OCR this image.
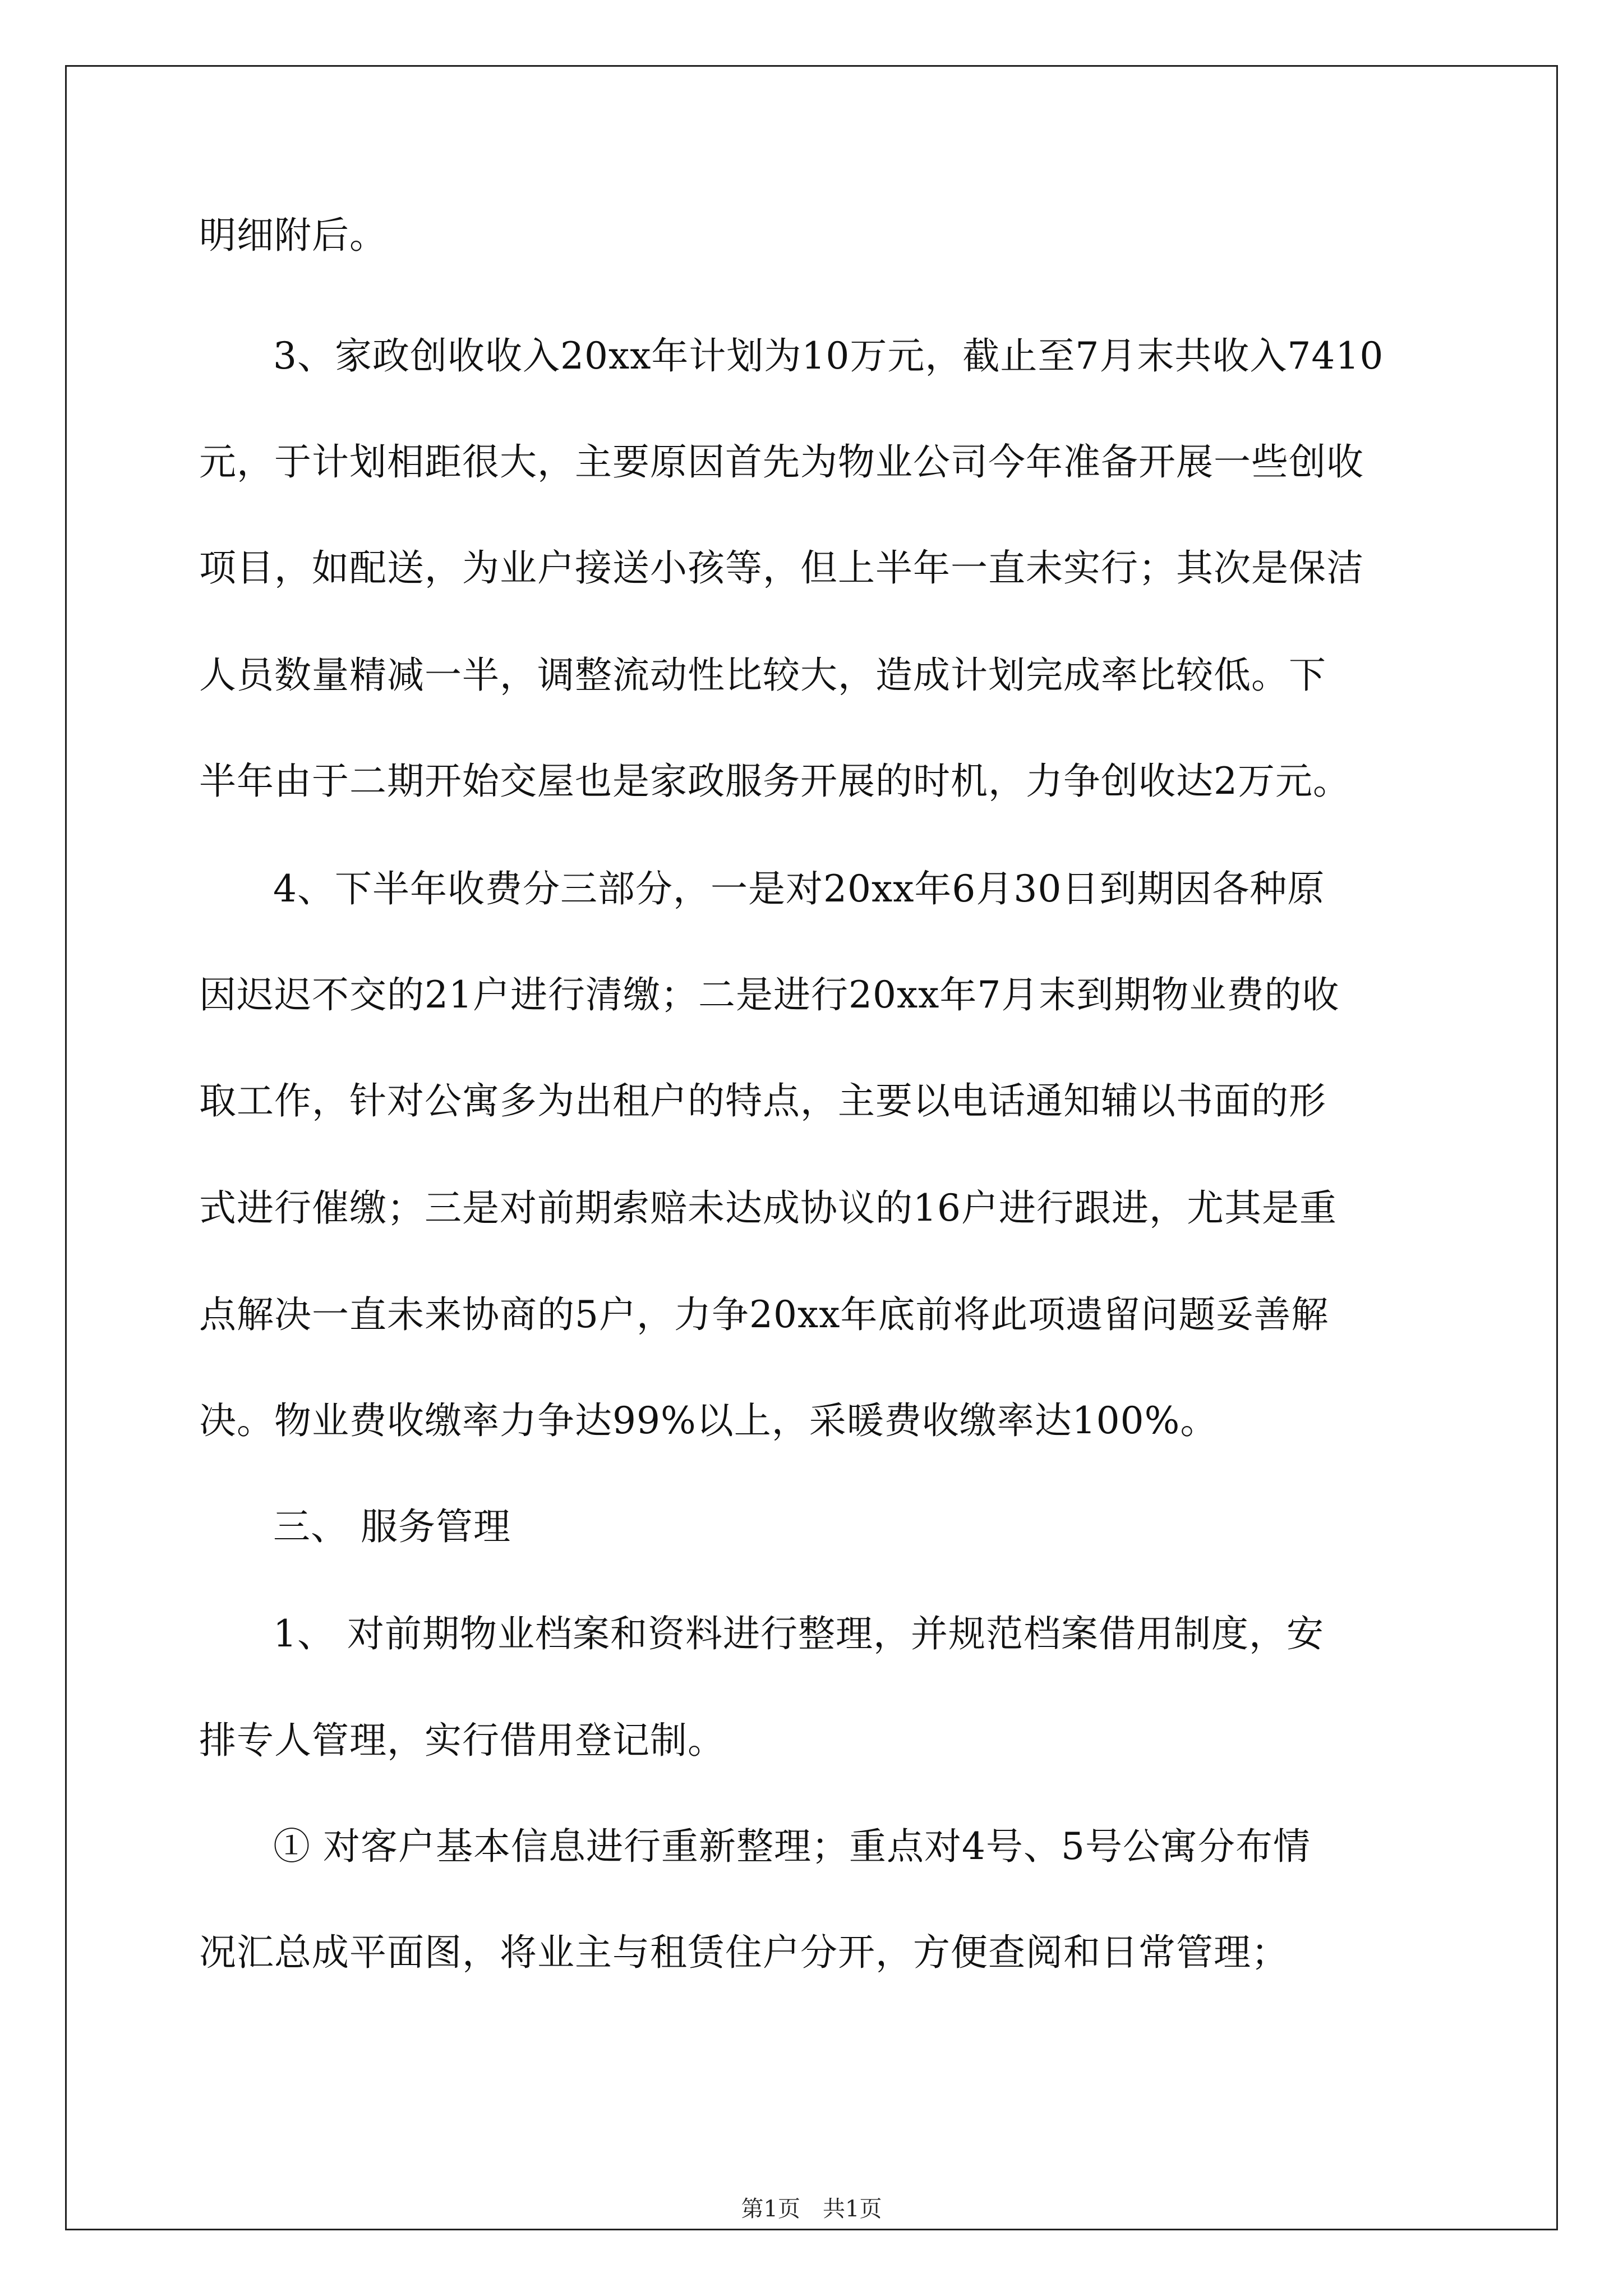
明细附后。
3、家政创收收入20xx年计划为10万元，截止至7月末共收入7410
元，于计划相距很大，主要原因首先为物业公司今年准备开展一些创收
项目，如配送，为业户接送小孩等，但上半年一直未实行；其次是保洁
人员数量精减一半，调整流动性比较大，造成计划完成率比较低。下
半年由于二期开始交屋也是家政服务开展的时机，力争创收达2万元。
4、下半年收费分三部分，一是对20xx年6月30日到期因各种原
因迟迟不交的21户进行清缴；二是进行20xx年7月末到期物业费的收
取工作，针对公寓多为出租户的特点，主要以电话通知辅以书面的形
式进行催缴；三是对前期索赔未达成协议的16户进行跟进，尤其是重
点解决一直未来协商的5户，力争20xx年底前将此项遗留问题妥善解
决。物业费收缴率力争达99%以上，采暖费收缴率达100%。
三、 服务管理
1、 对前期物业档案和资料进行整理，并规范档案借用制度，安
排专人管理，实行借用登记制。
① 对客户基本信息进行重新整理；重点对4号、5号公寓分布情
况汇总成平面图，将业主与租赁住户分开，方便查阅和日常管理；
第1页　共1页
